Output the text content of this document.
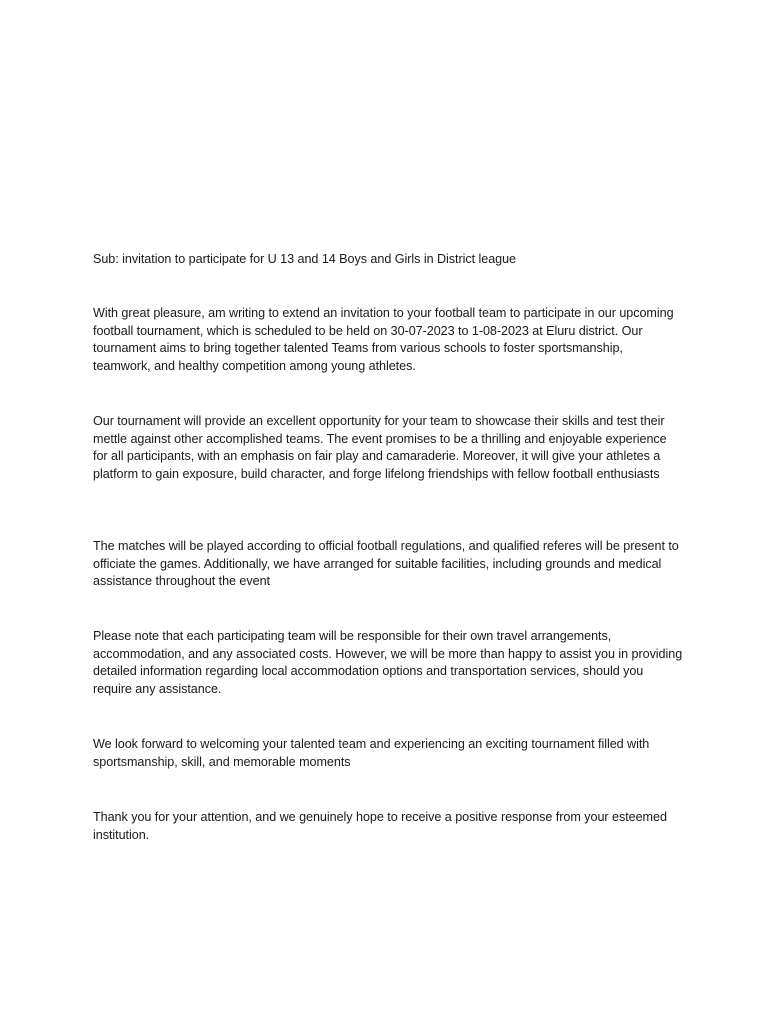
Sub: invitation to participate for U 13 and 14 Boys and Girls in District league
With great pleasure, am writing to extend an invitation to your football team to participate in our upcoming football tournament, which is scheduled to be held on 30-07-2023 to 1-08-2023 at Eluru district. Our tournament aims to bring together talented Teams from various schools to foster sportsmanship, teamwork, and healthy competition among young athletes.
Our tournament will provide an excellent opportunity for your team to showcase their skills and test their mettle against other accomplished teams. The event promises to be a thrilling and enjoyable experience for all participants, with an emphasis on fair play and camaraderie. Moreover, it will give your athletes a platform to gain exposure, build character, and forge lifelong friendships with fellow football enthusiasts
The matches will be played according to official football regulations, and qualified referes will be present to officiate the games. Additionally, we have arranged for suitable facilities, including grounds and medical assistance throughout the event
Please note that each participating team will be responsible for their own travel arrangements, accommodation, and any associated costs. However, we will be more than happy to assist you in providing detailed information regarding local accommodation options and transportation services, should you require any assistance.
We look forward to welcoming your talented team and experiencing an exciting tournament filled with sportsmanship, skill, and memorable moments
Thank you for your attention, and we genuinely hope to receive a positive response from your esteemed institution.
